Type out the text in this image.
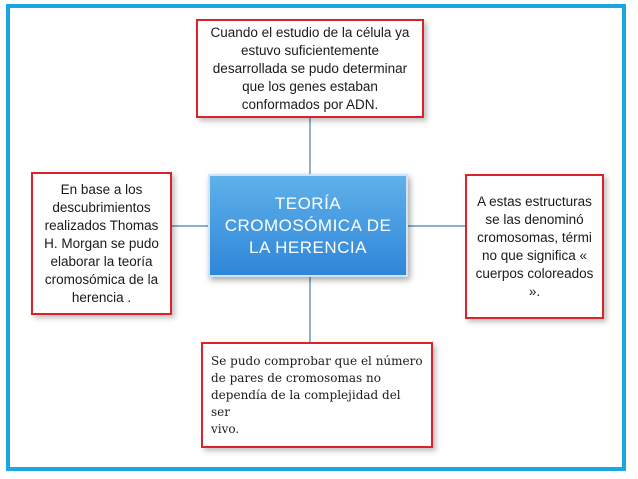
Cuando el estudio de la célula ya
estuvo suficientemente
desarrollada se pudo determinar
que los genes estaban
conformados por ADN.
En base a los
descubrimientos
realizados Thomas
H. Morgan se pudo
elaborar la teoría
cromosómica de la
herencia .
TEORÍA
CROMOSÓMICA DE
LA HERENCIA
A estas estructuras
se las denominó
cromosomas, térmi
no que significa «
cuerpos coloreados
».
Se pudo comprobar que el número
de pares de cromosomas no
dependía de la complejidad del ser
vivo.
